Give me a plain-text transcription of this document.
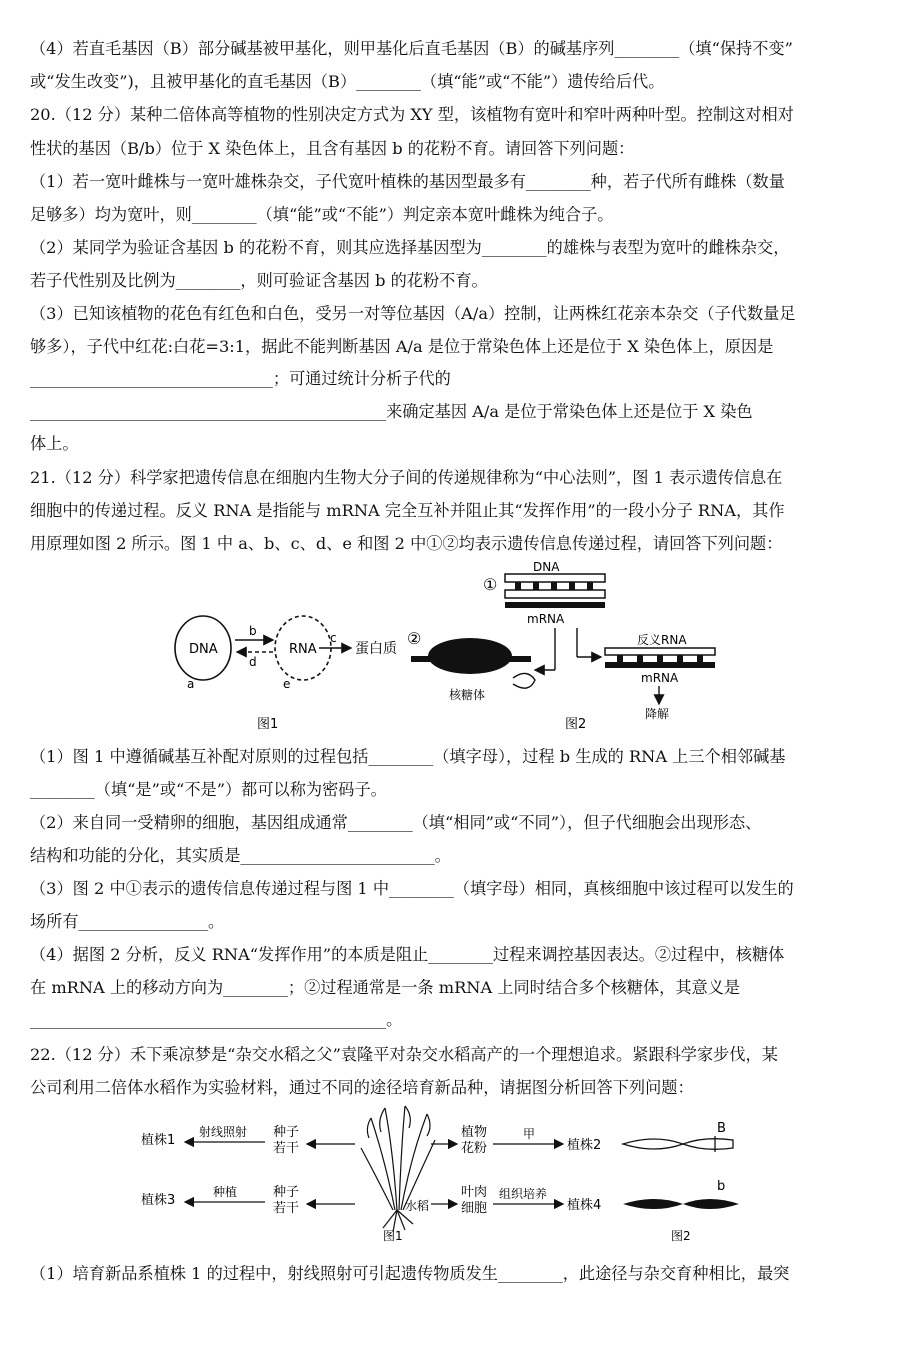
（4）若直毛基因（B）部分碱基被甲基化，则甲基化后直毛基因（B）的碱基序列________（填“保持不变”
或“发生改变”)，且被甲基化的直毛基因（B）________（填“能”或“不能”）遗传给后代。
20.（12 分）某种二倍体高等植物的性别决定方式为 XY 型，该植物有宽叶和窄叶两种叶型。控制这对相对
性状的基因（B/b）位于 X 染色体上，且含有基因 b 的花粉不育。请回答下列问题：
（1）若一宽叶雌株与一宽叶雄株杂交，子代宽叶植株的基因型最多有________种，若子代所有雌株（数量
足够多）均为宽叶，则________（填“能”或“不能”）判定亲本宽叶雌株为纯合子。
（2）某同学为验证含基因 b 的花粉不育，则其应选择基因型为________的雄株与表型为宽叶的雌株杂交，
若子代性别及比例为________，则可验证含基因 b 的花粉不育。
（3）已知该植物的花色有红色和白色，受另一对等位基因（A/a）控制，让两株红花亲本杂交（子代数量足
够多），子代中红花:白花=3:1，据此不能判断基因 A/a 是位于常染色体上还是位于 X 染色体上，原因是
______________________________；可通过统计分析子代的
____________________________________________来确定基因 A/a 是位于常染色体上还是位于 X 染色
体上。
21.（12 分）科学家把遗传信息在细胞内生物大分子间的传递规律称为“中心法则”，图 1 表示遗传信息在
细胞中的传递过程。反义 RNA 是指能与 mRNA 完全互补并阻止其“发挥作用”的一段小分子 RNA，其作
用原理如图 2 所示。图 1 中 a、b、c、d、e 和图 2 中①②均表示遗传信息传递过程，请回答下列问题：
DNA
a
b
d
RNA
e
c
蛋白质
图1
①
DNA
mRNA
②
核糖体
反义RNA
mRNA
降解
图2
（1）图 1 中遵循碱基互补配对原则的过程包括________（填字母），过程 b 生成的 RNA 上三个相邻碱基
________（填“是”或“不是”）都可以称为密码子。
（2）来自同一受精卵的细胞，基因组成通常________（填“相同”或“不同”），但子代细胞会出现形态、
结构和功能的分化，其实质是________________________。
（3）图 2 中①表示的遗传信息传递过程与图 1 中________（填字母）相同，真核细胞中该过程可以发生的
场所有________________。
（4）据图 2 分析，反义 RNA“发挥作用”的本质是阻止________过程来调控基因表达。②过程中，核糖体
在 mRNA 上的移动方向为________；②过程通常是一条 mRNA 上同时结合多个核糖体，其意义是
____________________________________________。
22.（12 分）禾下乘凉梦是“杂交水稻之父”袁隆平对杂交水稻高产的一个理想追求。紧跟科学家步伐，某
公司利用二倍体水稻作为实验材料，通过不同的途径培育新品种，请据图分析回答下列问题：
植株1
射线照射 种子
若干
植株3
种植	种子
若干	水稻
植物
花粉
甲
植株2
叶肉
细胞
组织培养
植株4
图1
B
b
图2
（1）培育新品系植株 1 的过程中，射线照射可引起遗传物质发生________，此途径与杂交育种相比，最突
